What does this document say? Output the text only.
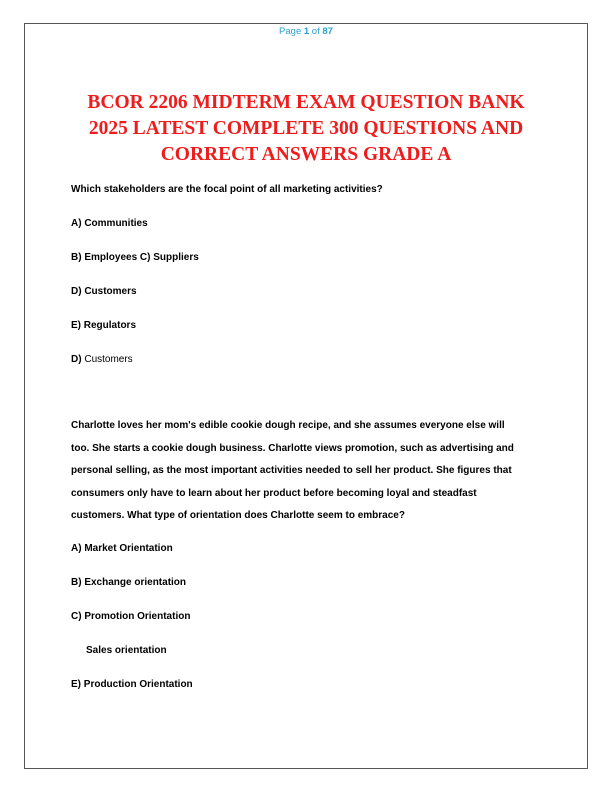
Page 1 of 87
BCOR 2206 MIDTERM EXAM QUESTION BANK
2025 LATEST COMPLETE 300 QUESTIONS AND
CORRECT ANSWERS GRADE A
Which stakeholders are the focal point of all marketing activities?
A) Communities
B) Employees C) Suppliers
D) Customers
E) Regulators
D) Customers
Charlotte loves her mom's edible cookie dough recipe, and she assumes everyone else will
too. She starts a cookie dough business. Charlotte views promotion, such as advertising and
personal selling, as the most important activities needed to sell her product. She figures that
consumers only have to learn about her product before becoming loyal and steadfast
customers. What type of orientation does Charlotte seem to embrace?
A) Market Orientation
B) Exchange orientation
C) Promotion Orientation
Sales orientation
E) Production Orientation
